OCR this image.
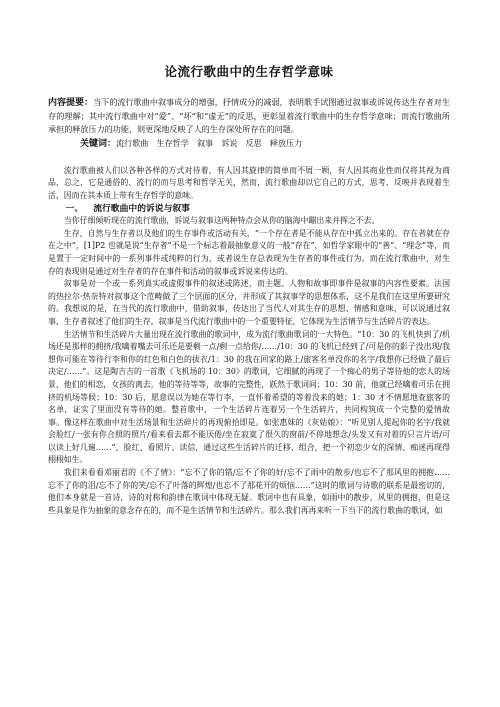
论流行歌曲中的生存哲学意味

内容提要：当下的流行歌曲中叙事成分的增强，抒情成分的减弱，表明歌手试图通过叙事或诉说传达生存者对生存的理解；其中流行歌曲中对“爱”、“坏”和“虚无”的反思，更彰显着流行歌曲中的生存哲学意味；而流行歌曲所承担的释放压力的功能，则更深地反映了人的生存深处所存在的问题。

关键词：流行歌曲　生存哲学　叙事　诉说　反思　释放压力

流行歌曲被人们以各种各样的方式对待着，有人因其旋律的简单而不屑一顾，有人因其商业性而仅将其视为商品，总之，它是通俗的、流行的而与思考和哲学无关，然而，流行歌曲却以它自己的方式，思考、反映并表现着生活，因而在其本质上带有生存哲学的意味。

一、 流行歌曲中的诉说与叙事

当你仔细倾听现在的流行歌曲，诉说与叙事这两种特点会从你的脑海中蹦出来并挥之不去。

生存，自然与生存者以及他们的生存事件或活动有关，“一个存在者是不能从存在中孤立出来的。存在者就在存在之中”，[1]P2 也就是说“生存者”不是一个标志着最抽象意义的一般“存在”，如哲学家眼中的“善”、“理念”等，而是置于一定时间中的一系列事件或纯粹的行为，或者说生存总表现为生存者的事件或行为。而在流行歌曲中，对生存的表现则是通过对生存者的存在事件和活动的叙事或诉说来传达的。

叙事是对一个或一系列真实或虚假事件的叙述或陈述，而主题、人物和故事即事件是叙事的内容性要素。法国的热拉尔·热奈特对叙事这个范畴做了三个层面的区分，并形成了其叙事学的思想体系，这不是我们在这里所要研究的。我想说的是，在当代的流行歌曲中，借助叙事，传达出了当代人对其生存的思想、情感和意味，可以说通过叙事，生存者叙述了他们的生存。叙事是当代流行歌曲中的一个重要特征，它体现为生活情节与生活碎片的表达。

生活情节和生活碎片大量出现在流行歌曲的歌词中，成为流行歌曲歌词的一大特色。“10：30 的飞机快到了/机场还是那样的拥挤/我噙着嘴去可乐还是要剩一点/剩一点给你/……/10：30 的飞机已经到了/可是你的影子没出现/我想你可能在等待行李和你的红色和白色的拔衣/1：30 的我在回家的路上/旅客名单没你的名字/我想你已经做了最后决定/……”。这是陶吉吉的一首歌《飞机场的 10：30》的歌词，它细腻的再现了一个痴心的男子等待他的恋人的场景，他们的相恋，女孩的离去，他的等待等等，故事的完整性，跃然于歌词间；10：30 前，他就已经噙着可乐在拥挤的机场等候；10：30 后，愿意误以为她在等行李，一直怀着希望的等着没来的她；1：30 才不情愿地查旅客的名单，证实了里面没有等待的她。整首歌中，一个生活碎片连着另一个生活碎片，共同构筑成一个完整的爱情故事。像这样在歌曲中对生活场景和生活碎片的再现俯拾即是。如张惠妹的《灰姑娘》：“听见别人提起你的名字/我就会脸红/一张有你合照的照片/看来看去都不能厌倦/坐在寂寞了很久的窗前/不停地想念/头发又有对着的只言片语/可以读上好几遍……”，脸红、看照片、读信，通过这些生活碎片的迁移、组合，把一个初恋少女的深情、痴迷再现得栩栩如生。

我们来看看邓丽君的《不了情》：“忘不了你的错/忘不了你的好/忘不了雨中的散步/也忘不了那风里的拥抱……忘不了你的泪/忘不了你的笑/忘不了叶落的辉煌/也忘不了那花开的烦恼……”这时的歌词与诗歌的联系是最密切的，他们本身就是一首诗，诗的对称和韵律在歌词中体现无疑。歌词中也有具象，如雨中的散步，风里的拥抱，但是这些具象是作为抽象的意念存在的，而不是生活情节和生活碎片。那么我们再再来听一下当下的流行歌曲的歌词，如
